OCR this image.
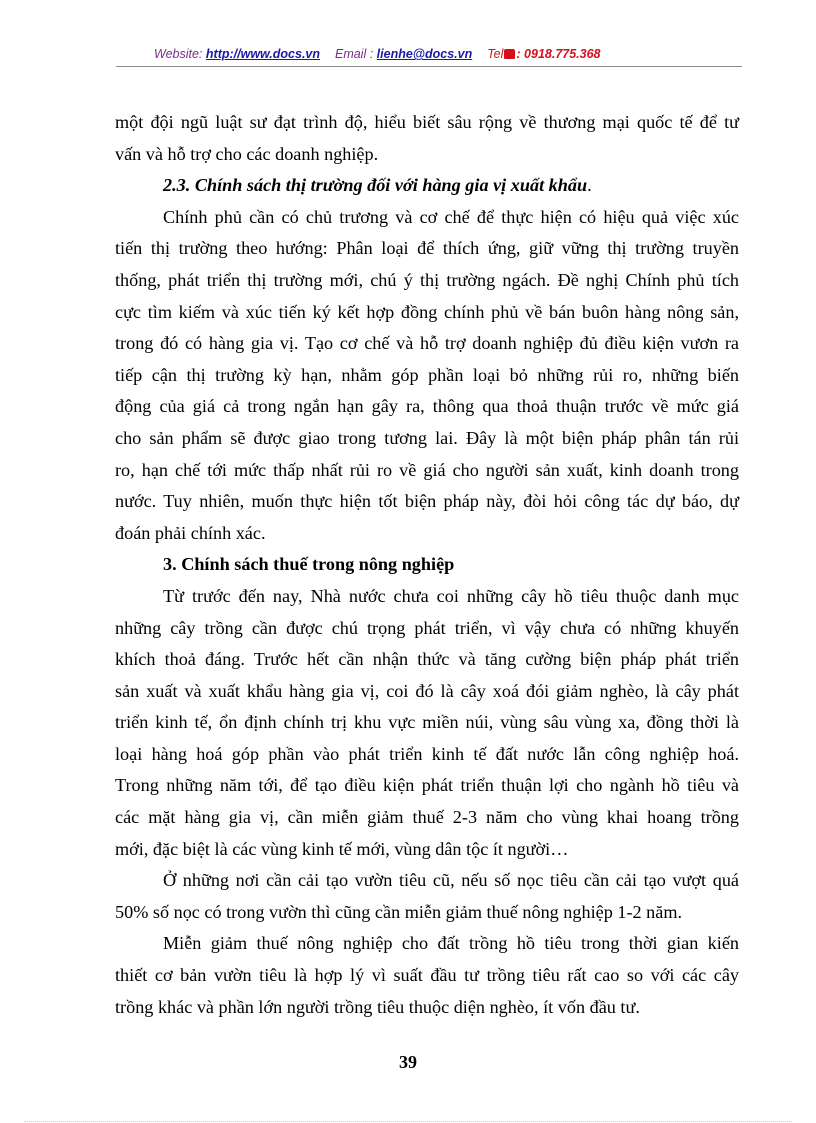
Website: http://www.docs.vn Email : lienhe@docs.vn Tel : 0918.775.368
một đội ngũ luật sư đạt trình độ, hiểu biết sâu rộng về thương mại quốc tế để tư
vấn và hỗ trợ cho các doanh nghiệp.
2.3. Chính sách thị trường đối với hàng gia vị xuất khẩu.
Chính phủ cần có chủ trương và cơ chế để thực hiện có hiệu quả việc xúc
tiến thị trường theo hướng: Phân loại để thích ứng, giữ vững thị trường truyền
thống, phát triển thị trường mới, chú ý thị trường ngách. Đề nghị Chính phủ tích
cực tìm kiếm và xúc tiến ký kết hợp đồng chính phủ về bán buôn hàng nông sản,
trong đó có hàng gia vị. Tạo cơ chế và hỗ trợ doanh nghiệp đủ điều kiện vươn ra
tiếp cận thị trường kỳ hạn, nhằm góp phần loại bỏ những rủi ro, những biến
động của giá cả trong ngắn hạn gây ra, thông qua thoả thuận trước về mức giá
cho sản phẩm sẽ được giao trong tương lai. Đây là một biện pháp phân tán rủi
ro, hạn chế tới mức thấp nhất rủi ro về giá cho người sản xuất, kinh doanh trong
nước. Tuy nhiên, muốn thực hiện tốt biện pháp này, đòi hỏi công tác dự báo, dự
đoán phải chính xác.
3. Chính sách thuế trong nông nghiệp
Từ trước đến nay, Nhà nước chưa coi những cây hồ tiêu thuộc danh mục
những cây trồng cần được chú trọng phát triển, vì vậy chưa có những khuyến
khích thoả đáng. Trước hết cần nhận thức và tăng cường biện pháp phát triển
sản xuất và xuất khẩu hàng gia vị, coi đó là cây xoá đói giảm nghèo, là cây phát
triển kinh tế, ổn định chính trị khu vực miền núi, vùng sâu vùng xa, đồng thời là
loại hàng hoá góp phần vào phát triển kinh tế đất nước lẫn công nghiệp hoá.
Trong những năm tới, để tạo điều kiện phát triển thuận lợi cho ngành hồ tiêu và
các mặt hàng gia vị, cần miễn giảm thuế 2-3 năm cho vùng khai hoang trồng
mới, đặc biệt là các vùng kinh tế mới, vùng dân tộc ít người…
Ở những nơi cần cải tạo vườn tiêu cũ, nếu số nọc tiêu cần cải tạo vượt quá
50% số nọc có trong vườn thì cũng cần miễn giảm thuế nông nghiệp 1-2 năm.
Miễn giảm thuế nông nghiệp cho đất trồng hồ tiêu trong thời gian kiến
thiết cơ bản vườn tiêu là hợp lý vì suất đầu tư trồng tiêu rất cao so với các cây
trồng khác và phần lớn người trồng tiêu thuộc diện nghèo, ít vốn đầu tư.
39
